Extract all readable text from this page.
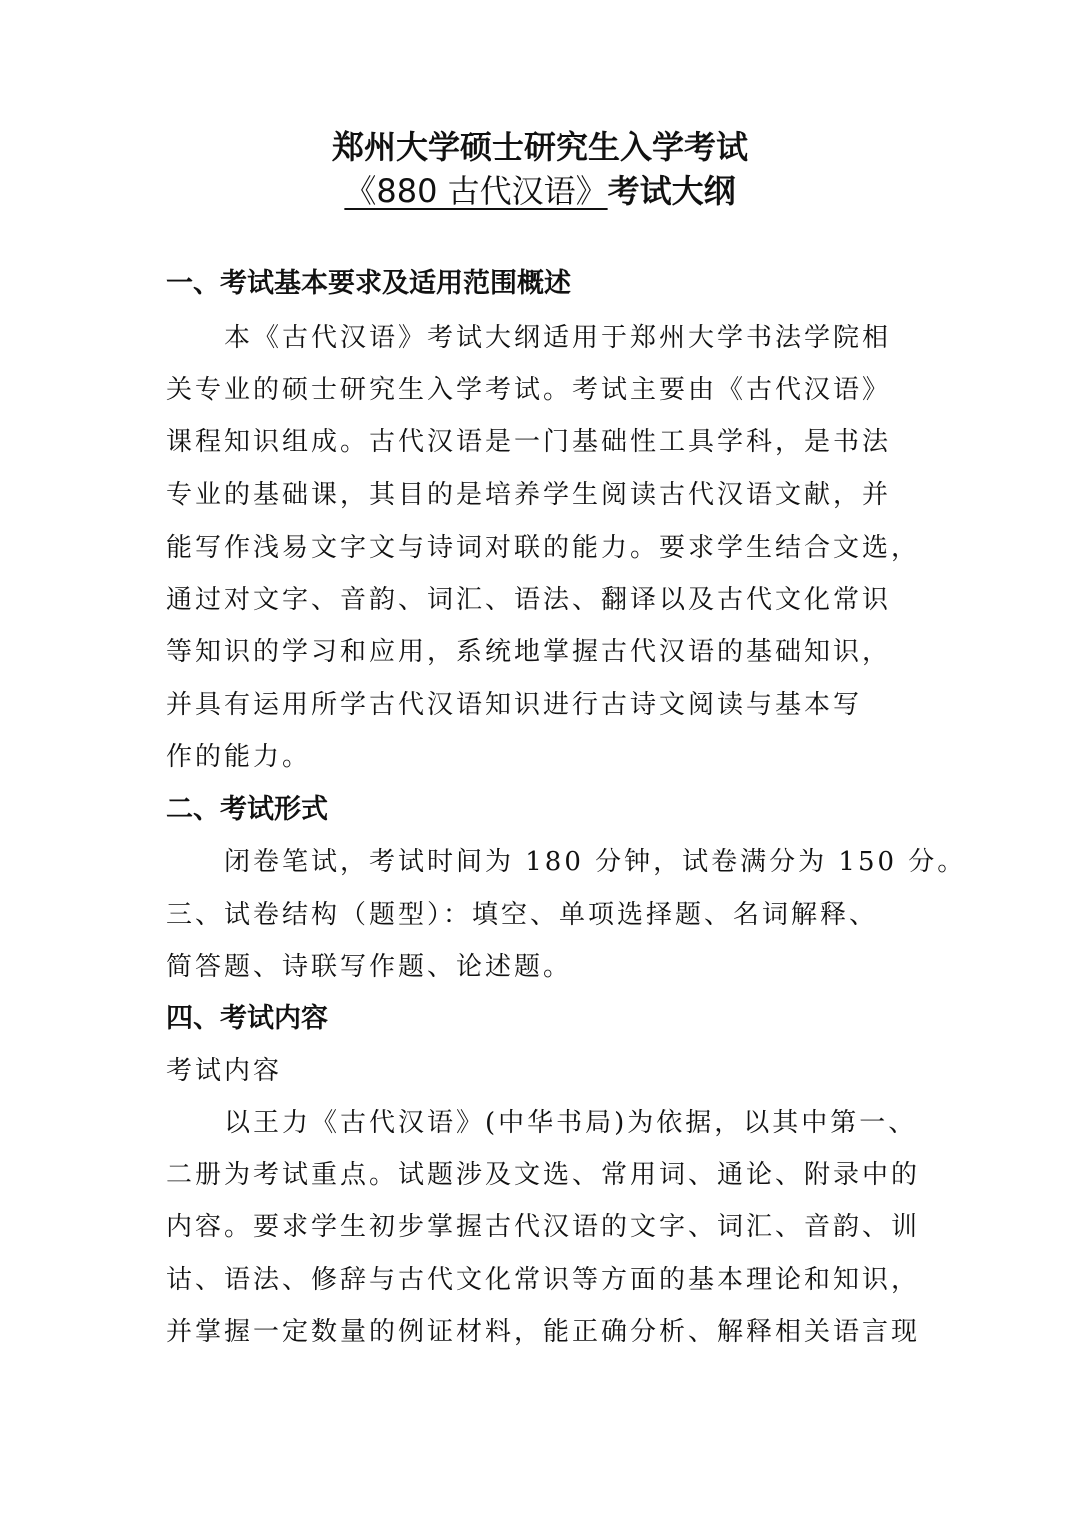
郑州大学硕士研究生入学考试
《880 古代汉语》考试大纲
一、考试基本要求及适用范围概述
本《古代汉语》考试大纲适用于郑州大学书法学院相
关专业的硕士研究生入学考试。考试主要由《古代汉语》
课程知识组成。古代汉语是一门基础性工具学科，是书法
专业的基础课，其目的是培养学生阅读古代汉语文献，并
能写作浅易文字文与诗词对联的能力。要求学生结合文选，
通过对文字、音韵、词汇、语法、翻译以及古代文化常识
等知识的学习和应用，系统地掌握古代汉语的基础知识，
并具有运用所学古代汉语知识进行古诗文阅读与基本写
作的能力。
二、考试形式
闭卷笔试，考试时间为 180 分钟，试卷满分为 150 分。
三、试卷结构（题型）：填空、单项选择题、名词解释、
简答题、诗联写作题、论述题。
四、考试内容
考试内容
以王力《古代汉语》(中华书局)为依据，以其中第一、
二册为考试重点。试题涉及文选、常用词、通论、附录中的
内容。要求学生初步掌握古代汉语的文字、词汇、音韵、训
诂、语法、修辞与古代文化常识等方面的基本理论和知识，
并掌握一定数量的例证材料，能正确分析、解释相关语言现
